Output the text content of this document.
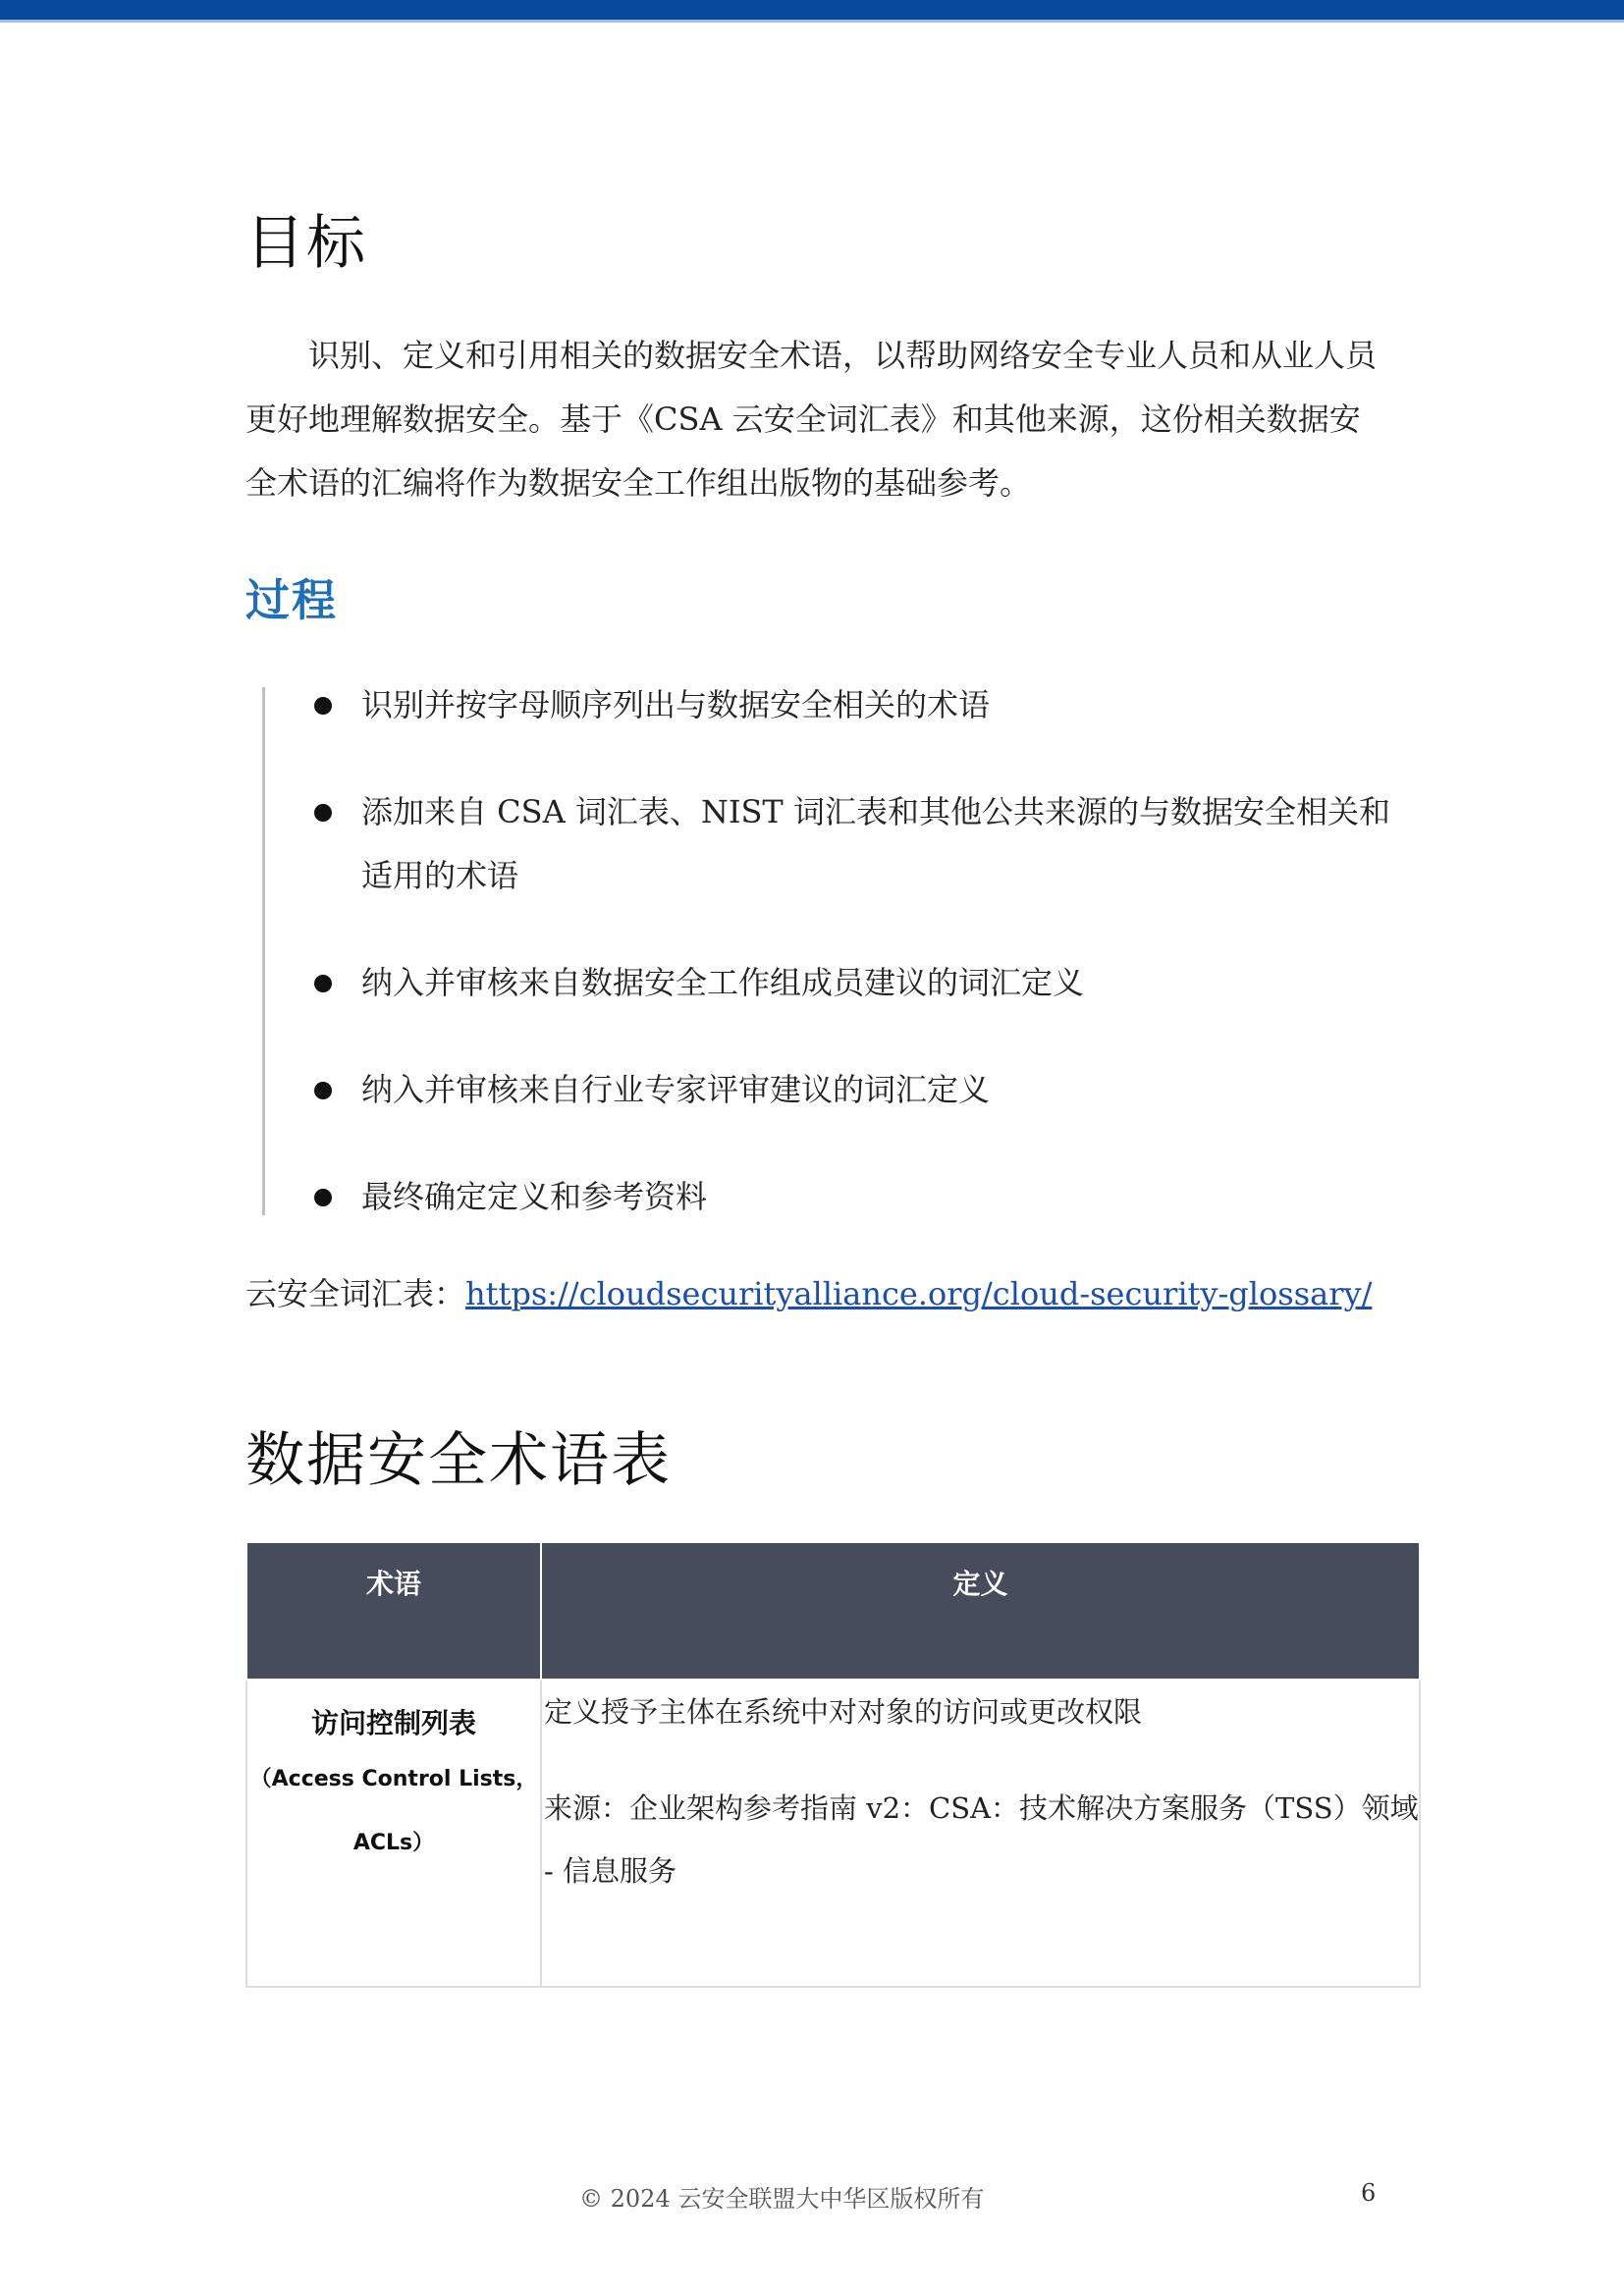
目标

识别、定义和引用相关的数据安全术语，以帮助网络安全专业人员和从业人员更好地理解数据安全。基于《CSA 云安全词汇表》和其他来源，这份相关数据安全术语的汇编将作为数据安全工作组出版物的基础参考。

过程
识别并按字母顺序列出与数据安全相关的术语
添加来自 CSA 词汇表、NIST 词汇表和其他公共来源的与数据安全相关和适用的术语
纳入并审核来自数据安全工作组成员建议的词汇定义
纳入并审核来自行业专家评审建议的词汇定义
最终确定定义和参考资料
云安全词汇表：https://cloudsecurityalliance.org/cloud-security-glossary/
数据安全术语表
术语	定义

访问控制列表
（Access Control Lists，ACLs）	定义授予主体在系统中对对象的访问或更改权限
来源：企业架构参考指南 v2：CSA：技术解决方案服务（TSS）领域 - 信息服务
© 2024 云安全联盟大中华区版权所有	6
